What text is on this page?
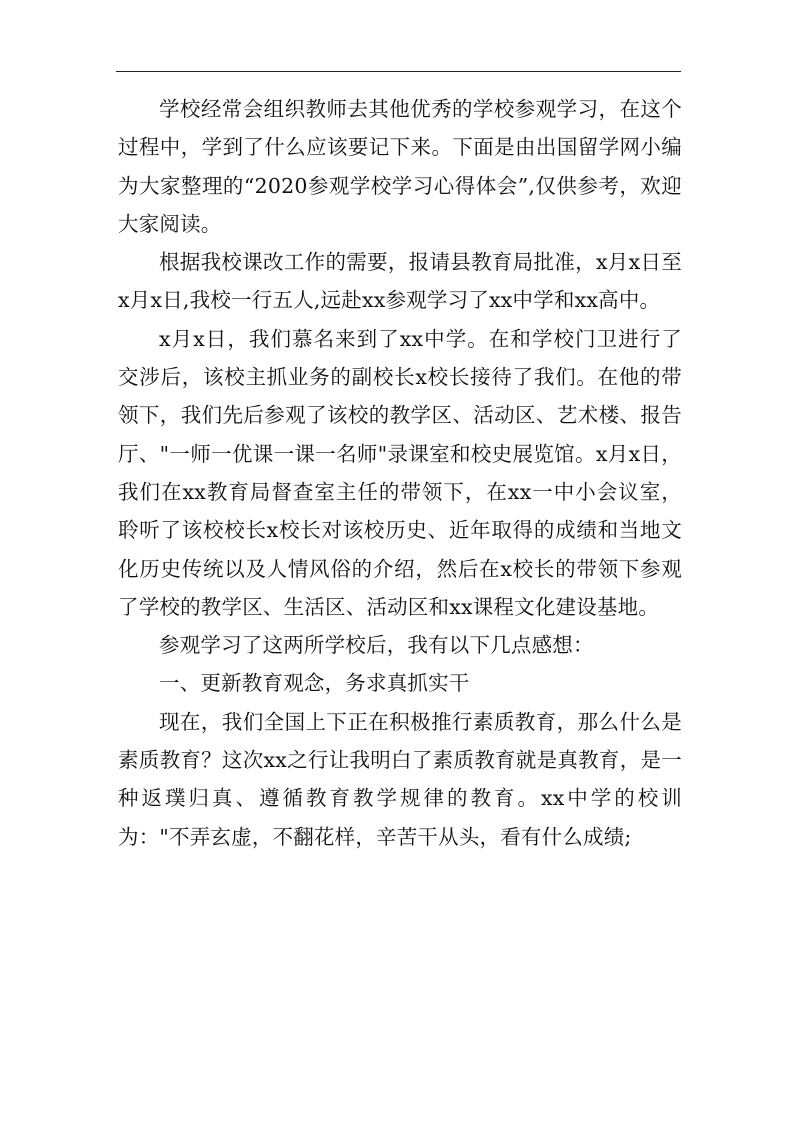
学校经常会组织教师去其他优秀的学校参观学习，在这个过程中，学到了什么应该要记下来。下面是由出国留学网小编为大家整理的“2020参观学校学习心得体会”,仅供参考，欢迎大家阅读。

根据我校课改工作的需要，报请县教育局批准，x月x日至x月x日,我校一行五人,远赴xx参观学习了xx中学和xx高中。

x月x日，我们慕名来到了xx中学。在和学校门卫进行了交涉后，该校主抓业务的副校长x校长接待了我们。在他的带领下，我们先后参观了该校的教学区、活动区、艺术楼、报告厅、"一师一优课一课一名师"录课室和校史展览馆。x月x日，我们在xx教育局督查室主任的带领下，在xx一中小会议室，聆听了该校校长x校长对该校历史、近年取得的成绩和当地文化历史传统以及人情风俗的介绍，然后在x校长的带领下参观了学校的教学区、生活区、活动区和xx课程文化建设基地。

参观学习了这两所学校后，我有以下几点感想：

一、更新教育观念，务求真抓实干

现在，我们全国上下正在积极推行素质教育，那么什么是素质教育？这次xx之行让我明白了素质教育就是真教育，是一种返璞归真、遵循教育教学规律的教育。xx中学的校训为："不弄玄虚，不翻花样，辛苦干从头，看有什么成绩;
